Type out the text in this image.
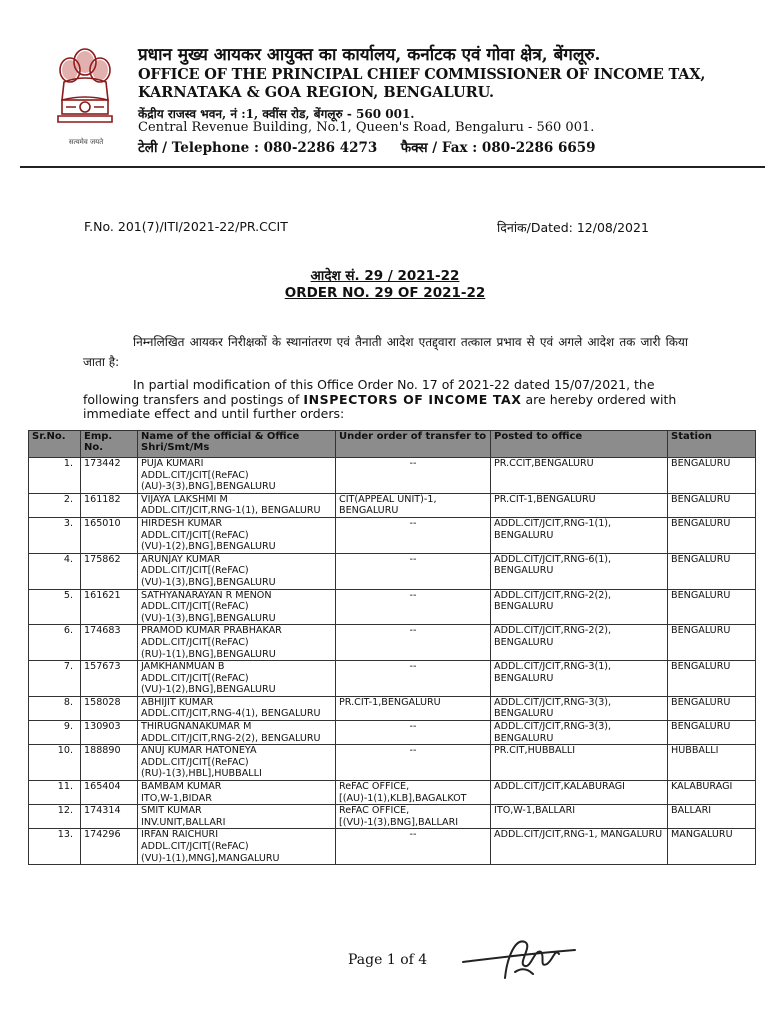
सत्यमेव जयते
प्रधान मुख्य आयकर आयुक्त का कार्यालय, कर्नाटक एवं गोवा क्षेत्र, बेंगलूरु.
OFFICE OF THE PRINCIPAL CHIEF COMMISSIONER OF INCOME TAX,
KARNATAKA & GOA REGION, BENGALURU.
केंद्रीय राजस्व भवन, नं :1, क्वींस रोड, बेंगलूरु - 560 001.
Central Revenue Building, No.1, Queen's Road, Bengaluru - 560 001.
टेली / Telephone : 080-2286 4273     फैक्स / Fax : 080-2286 6659
F.No. 201(7)/ITI/2021-22/PR.CCIT	दिनांक/Dated: 12/08/2021
आदेश सं. 29 / 2021-22
ORDER NO. 29 OF 2021-22
निम्नलिखित आयकर निरीक्षकों के स्थानांतरण एवं तैनाती आदेश एतद्द्वारा तत्काल प्रभाव से एवं अगले आदेश तक जारी किया जाता है:
In partial modification of this Office Order No. 17 of 2021-22 dated 15/07/2021, the following transfers and postings of INSPECTORS OF INCOME TAX are hereby ordered with immediate effect and until further orders:
Sr.No.	Emp. No.	Name of the official & Office Shri/Smt/Ms	Under order of transfer to	Posted to office	Station
1.	173442	PUJA KUMARI
ADDL.CIT/JCIT[(ReFAC)(AU)-3(3),BNG],BENGALURU	--	PR.CCIT,BENGALURU	BENGALURU
2.	161182	VIJAYA LAKSHMI M
ADDL.CIT/JCIT,RNG-1(1), BENGALURU	CIT(APPEAL UNIT)-1, BENGALURU	PR.CIT-1,BENGALURU	BENGALURU
3.	165010	HIRDESH KUMAR
ADDL.CIT/JCIT[(ReFAC)(VU)-1(2),BNG],BENGALURU	--	ADDL.CIT/JCIT,RNG-1(1), BENGALURU	BENGALURU
4.	175862	ARUNJAY KUMAR
ADDL.CIT/JCIT[(ReFAC)(VU)-1(3),BNG],BENGALURU	--	ADDL.CIT/JCIT,RNG-6(1), BENGALURU	BENGALURU
5.	161621	SATHYANARAYAN R MENON
ADDL.CIT/JCIT[(ReFAC)(VU)-1(3),BNG],BENGALURU	--	ADDL.CIT/JCIT,RNG-2(2), BENGALURU	BENGALURU
6.	174683	PRAMOD KUMAR PRABHAKAR
ADDL.CIT/JCIT[(ReFAC)(RU)-1(1),BNG],BENGALURU	--	ADDL.CIT/JCIT,RNG-2(2), BENGALURU	BENGALURU
7.	157673	JAMKHANMUAN B
ADDL.CIT/JCIT[(ReFAC)(VU)-1(2),BNG],BENGALURU	--	ADDL.CIT/JCIT,RNG-3(1), BENGALURU	BENGALURU
8.	158028	ABHIJIT KUMAR
ADDL.CIT/JCIT,RNG-4(1), BENGALURU	PR.CIT-1,BENGALURU	ADDL.CIT/JCIT,RNG-3(3), BENGALURU	BENGALURU
9.	130903	THIRUGNANAKUMAR M
ADDL.CIT/JCIT,RNG-2(2), BENGALURU	--	ADDL.CIT/JCIT,RNG-3(3), BENGALURU	BENGALURU
10.	188890	ANUJ KUMAR HATONEYA
ADDL.CIT/JCIT[(ReFAC)(RU)-1(3),HBL],HUBBALLI	--	PR.CIT,HUBBALLI	HUBBALLI
11.	165404	BAMBAM KUMAR
ITO,W-1,BIDAR	ReFAC OFFICE,[(AU)-1(1),KLB],BAGALKOT	ADDL.CIT/JCIT,KALABURAGI	KALABURAGI
12.	174314	SMIT KUMAR
INV.UNIT,BALLARI	ReFAC OFFICE,[(VU)-1(3),BNG],BALLARI	ITO,W-1,BALLARI	BALLARI
13.	174296	IRFAN RAICHURI
ADDL.CIT/JCIT[(ReFAC)(VU)-1(1),MNG],MANGALURU	--	ADDL.CIT/JCIT,RNG-1, MANGALURU	MANGALURU
Page 1 of 4
